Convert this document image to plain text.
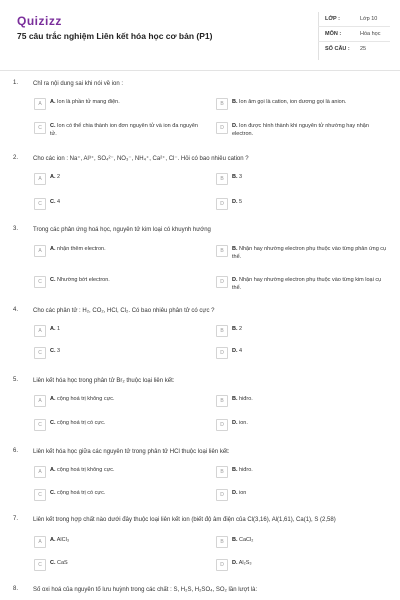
Quizizz
75 câu trắc nghiệm Liên kết hóa học cơ bản (P1)
LỚP :	Lớp 10
MÔN :	Hóa học
SỐ CÂU : 25
1. Chỉ ra nội dung sai khi nói về ion :
2. Cho các ion : Na⁺, Al³⁺, SO₄²⁻, NO₃⁻, NH₄⁺, Ca²⁺, Cl⁻. Hỏi có bao nhiêu cation ?
3. Trong các phản ứng hoá học, nguyên tử kim loại có khuynh hướng
4. Cho các phân tử : H₂, CO₂, HCl, Cl₂. Có bao nhiêu phân tử có cực ?
5. Liên kết hóa học trong phân tử Br₂ thuộc loại liên kết:
6. Liên kết hóa học giữa các nguyên tử trong phân tử HCl thuộc loại liên kết:
7. Liên kết trong hợp chất nào dưới đây thuộc loại liên kết ion (biết độ âm điện của Cl(3,16), Al(1,61), Ca(1), S (2,58)
8. Số oxi hoá của nguyên tố lưu huỳnh trong các chất : S, H₂S, H₂SO₄, SO₂ lần lượt là:
A	A. Ion là phần tử mang điện.	B	B. Ion âm gọi là cation, ion dương gọi là anion.
C	C. Ion có thể chia thành ion đơn nguyên tử và ion đa nguyên tử.
D	D. Ion được hình thành khi nguyên tử nhường hay nhận electron.
A	A. 2	B	B. 3
C	C. 4	D	D. 5
A	A. nhận thêm electron.	B	B. Nhận hay nhường electron phụ thuộc vào từng phản ứng cụ thể.
C	C. Nhường bớt electron.	D	D. Nhận hay nhường electron phụ thuộc vào từng kim loại cụ thể.
A	A. 1	B	B. 2
C	C. 3	D	D. 4
A	A. cộng hoá trị không cực.	B	B. hiđro.
C	C. cộng hoá trị có cực.	D	D. ion.
A	A. cộng hoá trị không cực.	B	B. hiđro.
C	C. cộng hoá trị có cực.	D	D. ion
A	A. AlCl₃	B	B. CaCl₂
C	C. CaS	D	D. Al₂S₃
